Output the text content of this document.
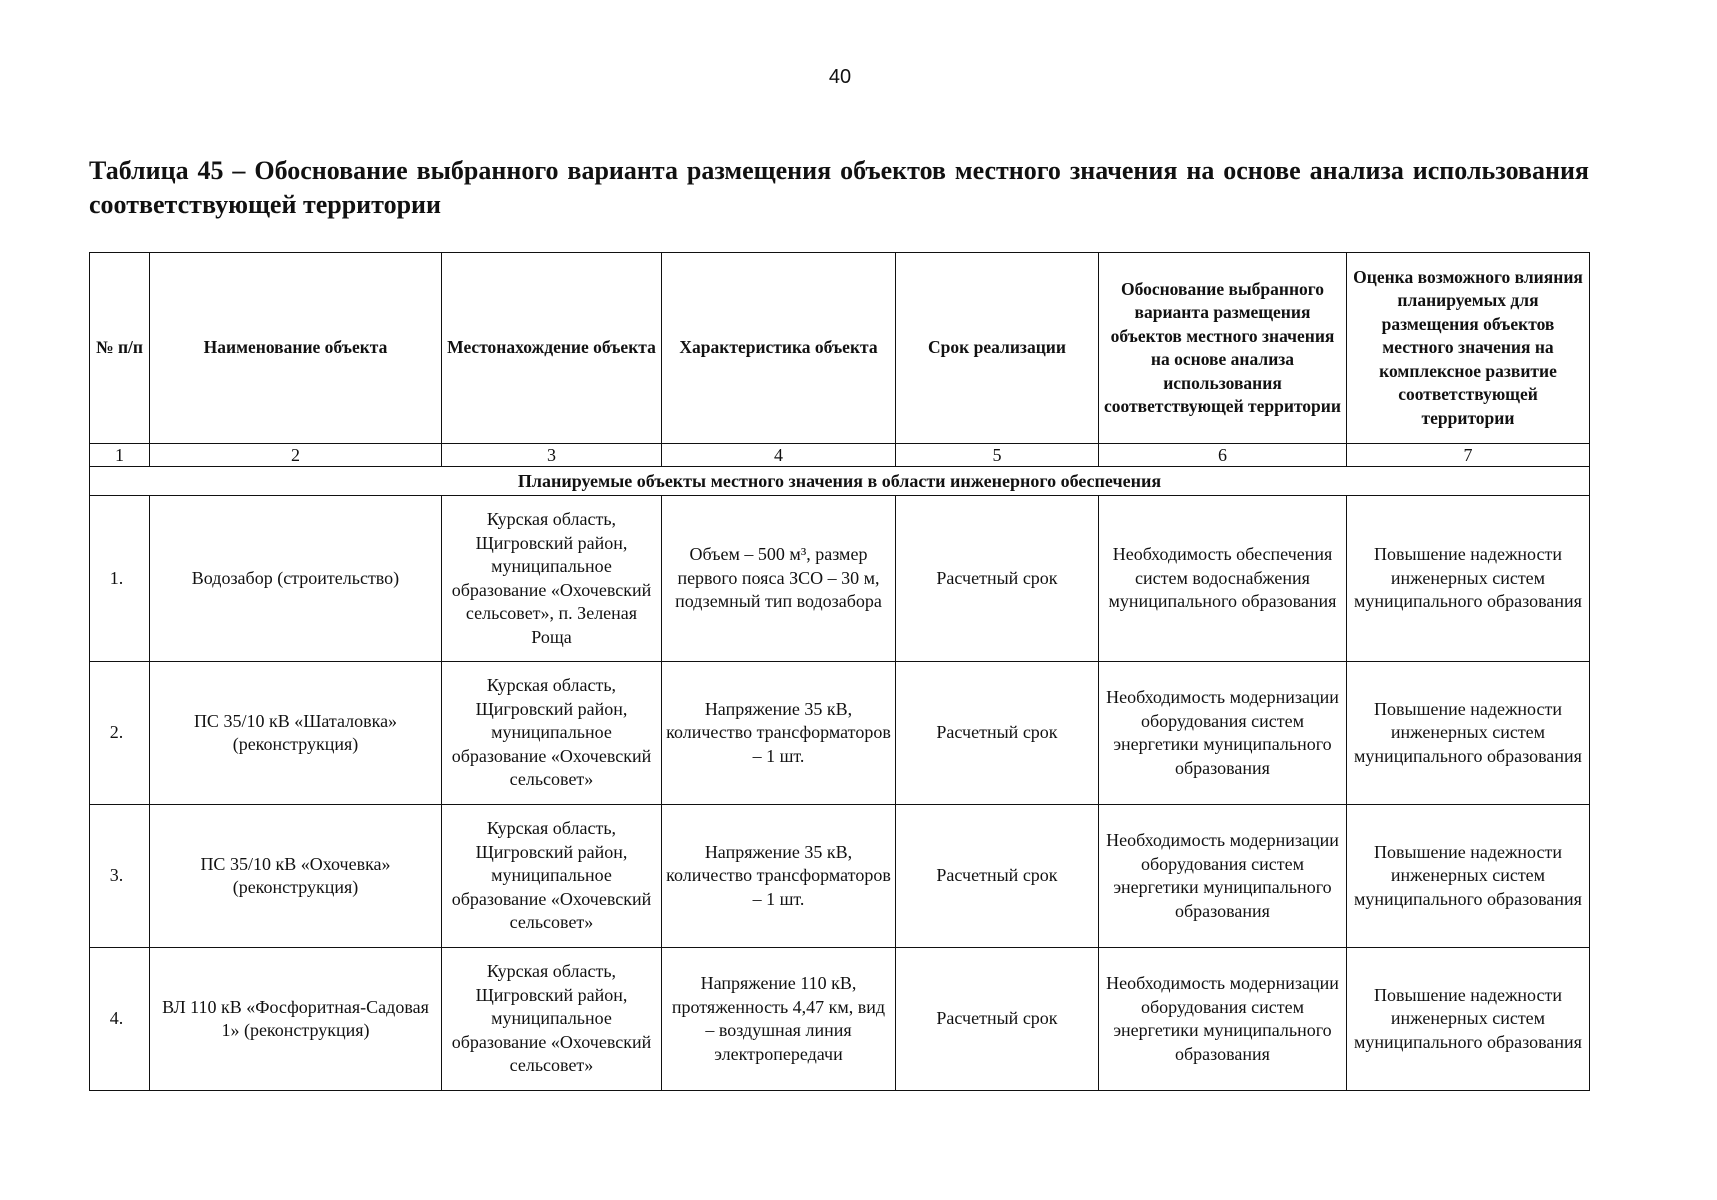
40
Таблица 45 – Обоснование выбранного варианта размещения объектов местного значения на основе анализа использования соответствующей территории
№ п/п	Наименование объекта	Местонахождение объекта	Характеристика объекта	Срок реализации	Обоснование выбранного варианта размещения объектов местного значения на основе анализа использования соответствующей территории	Оценка возможного влияния планируемых для размещения объектов местного значения на комплексное развитие соответствующей территории
1	2	3	4	5	6	7
Планируемые объекты местного значения в области инженерного обеспечения						
1.	Водозабор (строительство)	Курская область, Щигровский район, муниципальное образование «Охочевский сельсовет», п. Зеленая Роща	Объем – 500 м³, размер первого пояса ЗСО – 30 м, подземный тип водозабора	Расчетный срок	Необходимость обеспечения систем водоснабжения муниципального образования	Повышение надежности инженерных систем муниципального образования
2.	ПС 35/10 кВ «Шаталовка» (реконструкция)	Курская область, Щигровский район, муниципальное образование «Охочевский сельсовет»	Напряжение 35 кВ, количество трансформаторов – 1 шт.	Расчетный срок	Необходимость модернизации оборудования систем энергетики муниципального образования	Повышение надежности инженерных систем муниципального образования
3.	ПС 35/10 кВ «Охочевка» (реконструкция)	Курская область, Щигровский район, муниципальное образование «Охочевский сельсовет»	Напряжение 35 кВ, количество трансформаторов – 1 шт.	Расчетный срок	Необходимость модернизации оборудования систем энергетики муниципального образования	Повышение надежности инженерных систем муниципального образования
4.	ВЛ 110 кВ «Фосфоритная-Садовая 1» (реконструкция)	Курская область, Щигровский район, муниципальное образование «Охочевский сельсовет»	Напряжение 110 кВ, протяженность 4,47 км, вид – воздушная линия электропередачи	Расчетный срок	Необходимость модернизации оборудования систем энергетики муниципального образования	Повышение надежности инженерных систем муниципального образования
